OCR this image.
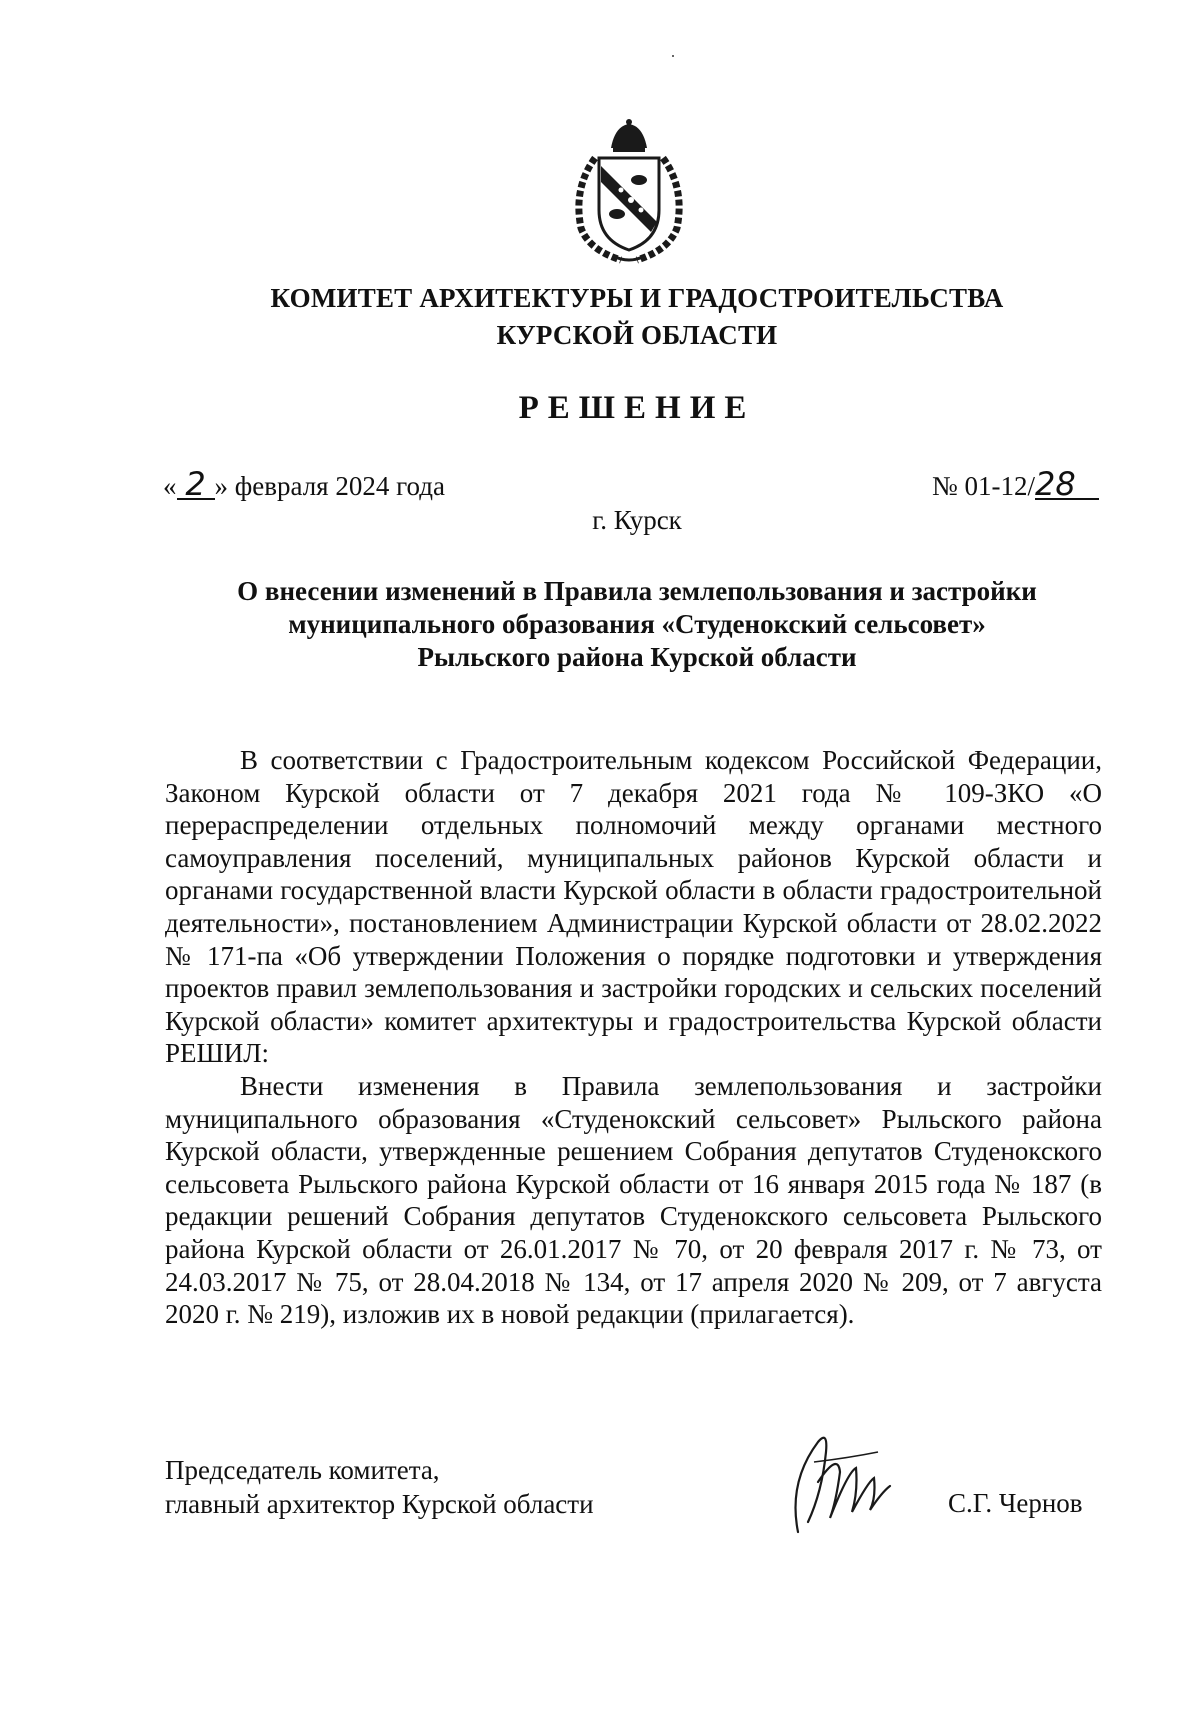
КОМИТЕТ АРХИТЕКТУРЫ И ГРАДОСТРОИТЕЛЬСТВА
КУРСКОЙ ОБЛАСТИ
РЕШЕНИЕ
« 2 » февраля 2024 года	№ 01-12/28
г. Курск
О внесении изменений в Правила землепользования и застройки
муниципального образования «Студенокский сельсовет»
Рыльского района Курской области

В соответствии с Градостроительным кодексом Российской Федерации, Законом Курской области от 7 декабря 2021 года № 109-ЗКО «О перераспределении отдельных полномочий между органами местного самоуправления поселений, муниципальных районов Курской области и органами государственной власти Курской области в области градостроительной деятельности», постановлением Администрации Курской области от 28.02.2022 № 171-па «Об утверждении Положения о порядке подготовки и утверждения проектов правил землепользования и застройки городских и сельских поселений Курской области» комитет архитектуры и градостроительства Курской области РЕШИЛ:

Внести изменения в Правила землепользования и застройки муниципального образования «Студенокский сельсовет» Рыльского района Курской области, утвержденные решением Собрания депутатов Студенокского сельсовета Рыльского района Курской области от 16 января 2015 года № 187 (в редакции решений Собрания депутатов Студенокского сельсовета Рыльского района Курской области от 26.01.2017 № 70, от 20 февраля 2017 г. № 73, от 24.03.2017 № 75, от 28.04.2018 № 134, от 17 апреля 2020 № 209, от 7 августа 2020 г. № 219), изложив их в новой редакции (прилагается).

Председатель комитета,
главный архитектор Курской области	С.Г. Чернов
